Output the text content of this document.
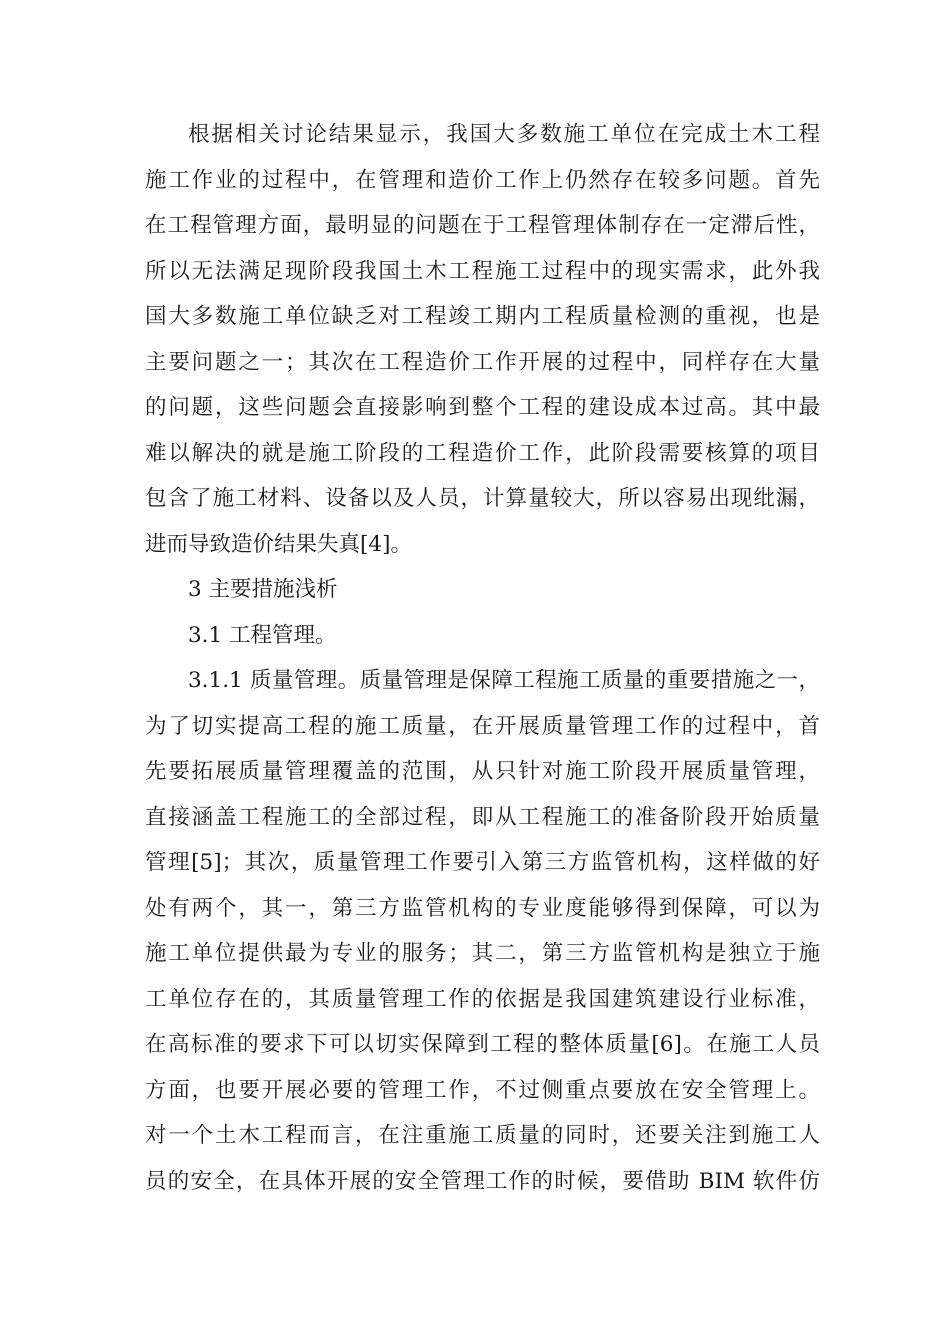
根据相关讨论结果显示，我国大多数施工单位在完成土木工程
施工作业的过程中，在管理和造价工作上仍然存在较多问题。首先
在工程管理方面，最明显的问题在于工程管理体制存在一定滞后性，
所以无法满足现阶段我国土木工程施工过程中的现实需求，此外我
国大多数施工单位缺乏对工程竣工期内工程质量检测的重视，也是
主要问题之一；其次在工程造价工作开展的过程中，同样存在大量
的问题，这些问题会直接影响到整个工程的建设成本过高。其中最
难以解决的就是施工阶段的工程造价工作，此阶段需要核算的项目
包含了施工材料、设备以及人员，计算量较大，所以容易出现纰漏，
进而导致造价结果失真[4]。
3 主要措施浅析
3.1 工程管理。
3.1.1 质量管理。质量管理是保障工程施工质量的重要措施之一，
为了切实提高工程的施工质量，在开展质量管理工作的过程中，首
先要拓展质量管理覆盖的范围，从只针对施工阶段开展质量管理，
直接涵盖工程施工的全部过程，即从工程施工的准备阶段开始质量
管理[5]；其次，质量管理工作要引入第三方监管机构，这样做的好
处有两个，其一，第三方监管机构的专业度能够得到保障，可以为
施工单位提供最为专业的服务；其二，第三方监管机构是独立于施
工单位存在的，其质量管理工作的依据是我国建筑建设行业标准，
在高标准的要求下可以切实保障到工程的整体质量[6]。在施工人员
方面，也要开展必要的管理工作，不过侧重点要放在安全管理上。
对一个土木工程而言，在注重施工质量的同时，还要关注到施工人
员的安全，在具体开展的安全管理工作的时候，要借助 BIM 软件仿
